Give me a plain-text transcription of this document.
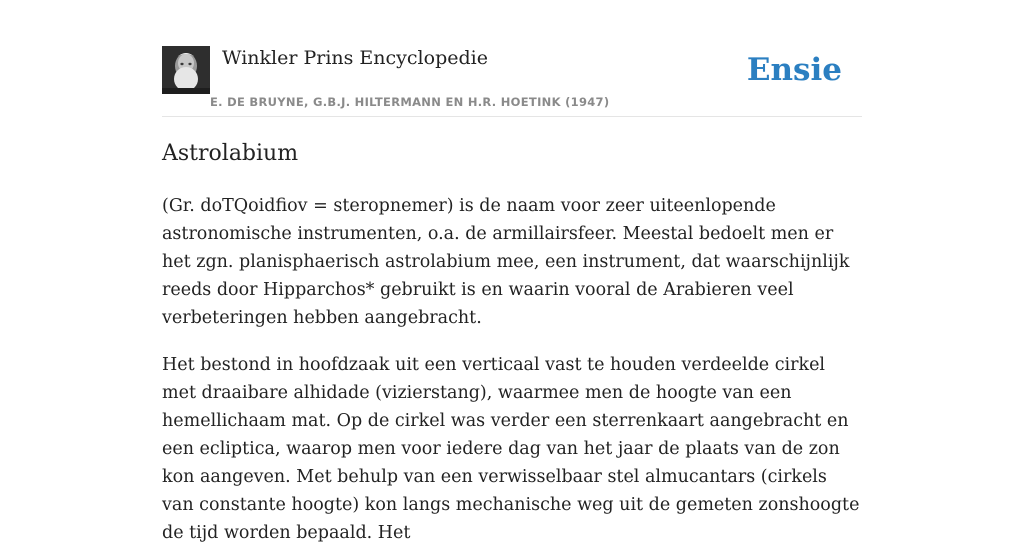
Winkler Prins Encyclopedie
E. DE BRUYNE, G.B.J. HILTERMANN EN H.R. HOETINK (1947)
Ensie
Astrolabium

(Gr. doTQoidfiov = steropnemer) is de naam voor zeer uiteenlopende astronomische instrumenten, o.a. de armillairsfeer. Meestal bedoelt men er het zgn. planisphaerisch astrolabium mee, een instrument, dat waarschijnlijk reeds door Hipparchos* gebruikt is en waarin vooral de Arabieren veel verbeteringen hebben aangebracht.

Het bestond in hoofdzaak uit een verticaal vast te houden verdeelde cirkel met draaibare alhidade (vizierstang), waarmee men de hoogte van een hemellichaam mat. Op de cirkel was verder een sterrenkaart aangebracht en een ecliptica, waarop men voor iedere dag van het jaar de plaats van de zon kon aangeven. Met behulp van een verwisselbaar stel almucantars (cirkels van constante hoogte) kon langs mechanische weg uit de gemeten zonshoogte de tijd worden bepaald. Het
